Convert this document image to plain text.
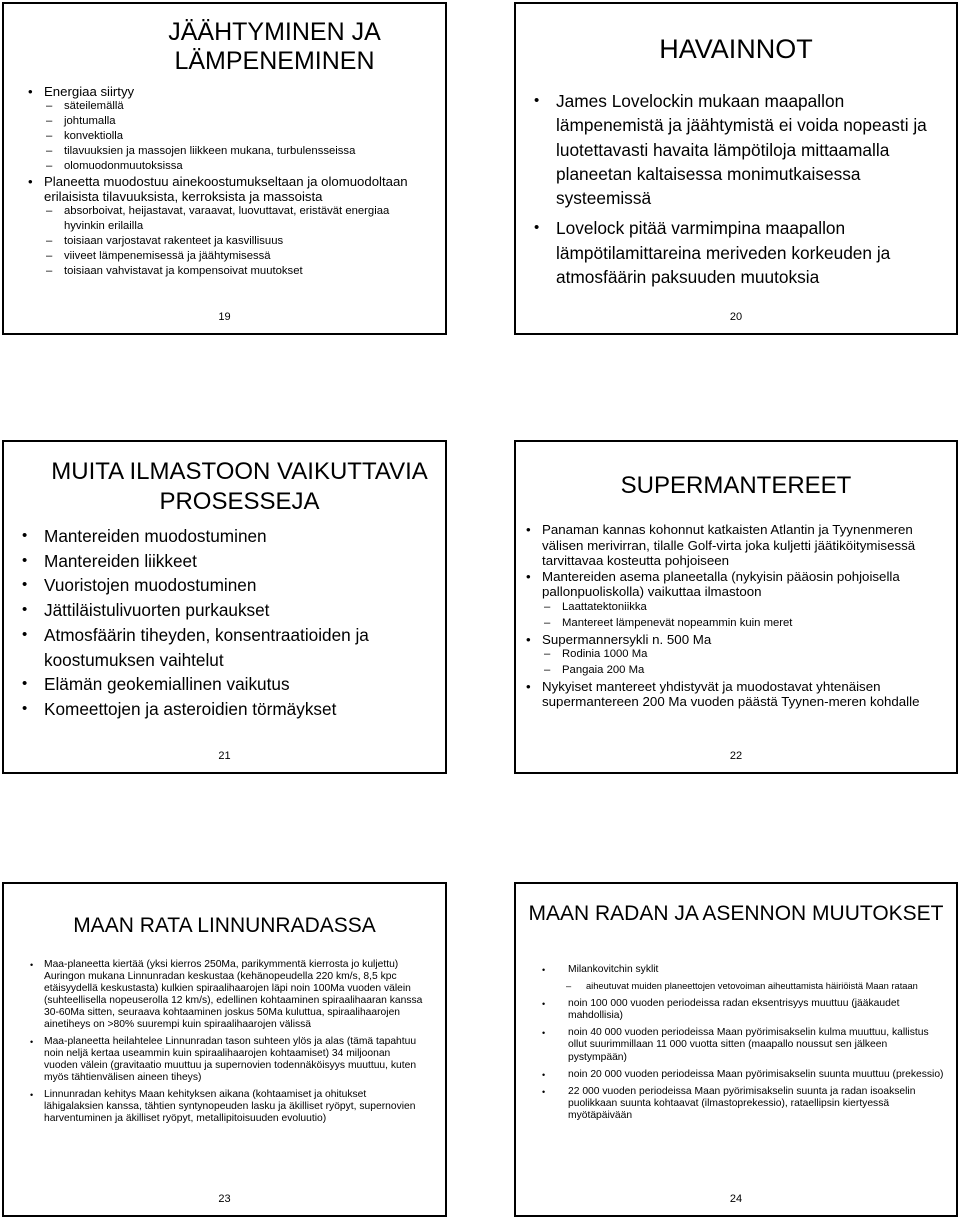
JÄÄHTYMINEN JA LÄMPENEMINEN
• Energiaa siirtyy
– säteilemällä
– johtumalla
– konvektiolla
– tilavuuksien ja massojen liikkeen mukana, turbulensseissa
– olomuodonmuutoksissa
• Planeetta muodostuu ainekoostumukseltaan ja olomuodoltaan erilaisista tilavuuksista, kerroksista ja massoista
– absorboivat, heijastavat, varaavat, luovuttavat, eristävät energiaa hyvinkin erilailla
– toisiaan varjostavat rakenteet ja kasvillisuus
– viiveet lämpenemisessä ja jäähtymisessä
– toisiaan vahvistavat ja kompensoivat muutokset
19
HAVAINNOT
• James Lovelockin mukaan maapallon lämpenemistä ja jäähtymistä ei voida nopeasti ja luotettavasti havaita lämpötiloja mittaamalla planeetan kaltaisessa monimutkaisessa systeemissä
• Lovelock pitää varmimpina maapallon lämpötilamittareina meriveden korkeuden ja atmosfäärin paksuuden muutoksia
20
MUITA ILMASTOON VAIKUTTAVIA PROSESSEJA
• Mantereiden muodostuminen
• Mantereiden liikkeet
• Vuoristojen muodostuminen
• Jättiläistulivuorten purkaukset
• Atmosfäärin tiheyden, konsentraatioiden ja koostumuksen vaihtelut
• Elämän geokemiallinen vaikutus
• Komeettojen ja asteroidien törmäykset
21
SUPERMANTEREET
• Panaman kannas kohonnut katkaisten Atlantin ja Tyynenmeren välisen merivirran, tilalle Golf-virta joka kuljetti jäätiköitymisessä tarvittavaa kosteutta pohjoiseen
• Mantereiden asema planeetalla (nykyisin pääosin pohjoisella pallonpuoliskolla) vaikuttaa ilmastoon
– Laattatektoniikka
– Mantereet lämpenevät nopeammin kuin meret
• Supermannersykli n. 500 Ma
– Rodinia 1000 Ma
– Pangaia 200 Ma
• Nykyiset mantereet yhdistyvät ja muodostavat yhtenäisen supermantereen 200 Ma vuoden päästä Tyynen-meren kohdalle
22
MAAN RATA LINNUNRADASSA
• Maa-planeetta kiertää (yksi kierros 250Ma, parikymmentä kierrosta jo kuljettu) Auringon mukana Linnunradan keskustaa (kehänopeudella 220 km/s, 8,5 kpc etäisyydellä keskustasta) kulkien spiraalihaarojen läpi noin 100Ma vuoden välein (suhteellisella nopeuserolla 12 km/s), edellinen kohtaaminen spiraalihaaran kanssa 30-60Ma sitten, seuraava kohtaaminen joskus 50Ma kuluttua, spiraalihaarojen ainetiheys on >80% suurempi kuin spiraalihaarojen välissä
• Maa-planeetta heilahtelee Linnunradan tason suhteen ylös ja alas (tämä tapahtuu noin neljä kertaa useammin kuin spiraalihaarojen kohtaamiset) 34 miljoonan vuoden välein (gravitaatio muuttuu ja supernovien todennäköisyys muuttuu, kuten myös tähtienvälisen aineen tiheys)
• Linnunradan kehitys Maan kehityksen aikana (kohtaamiset ja ohitukset lähigalaksien kanssa, tähtien syntynopeuden lasku ja äkilliset ryöpyt, supernovien harventuminen ja äkilliset ryöpyt, metallipitoisuuden evoluutio)
23
MAAN RADAN JA ASENNON MUUTOKSET
• Milankovitchin syklit
– aiheutuvat muiden planeettojen vetovoiman aiheuttamista häiriöistä Maan rataan
• noin 100 000 vuoden periodeissa radan eksentrisyys muuttuu (jääkaudet mahdollisia)
• noin 40 000 vuoden periodeissa Maan pyörimisakselin kulma muuttuu, kallistus ollut suurimmillaan 11 000 vuotta sitten (maapallo noussut sen jälkeen pystympään)
• noin 20 000 vuoden periodeissa Maan pyörimisakselin suunta muuttuu (prekessio)
• 22 000 vuoden periodeissa Maan pyörimisakselin suunta ja radan isoakselin puolikkaan suunta kohtaavat (ilmastoprekessio), rataellipsin kiertyessä myötäpäivään
24
